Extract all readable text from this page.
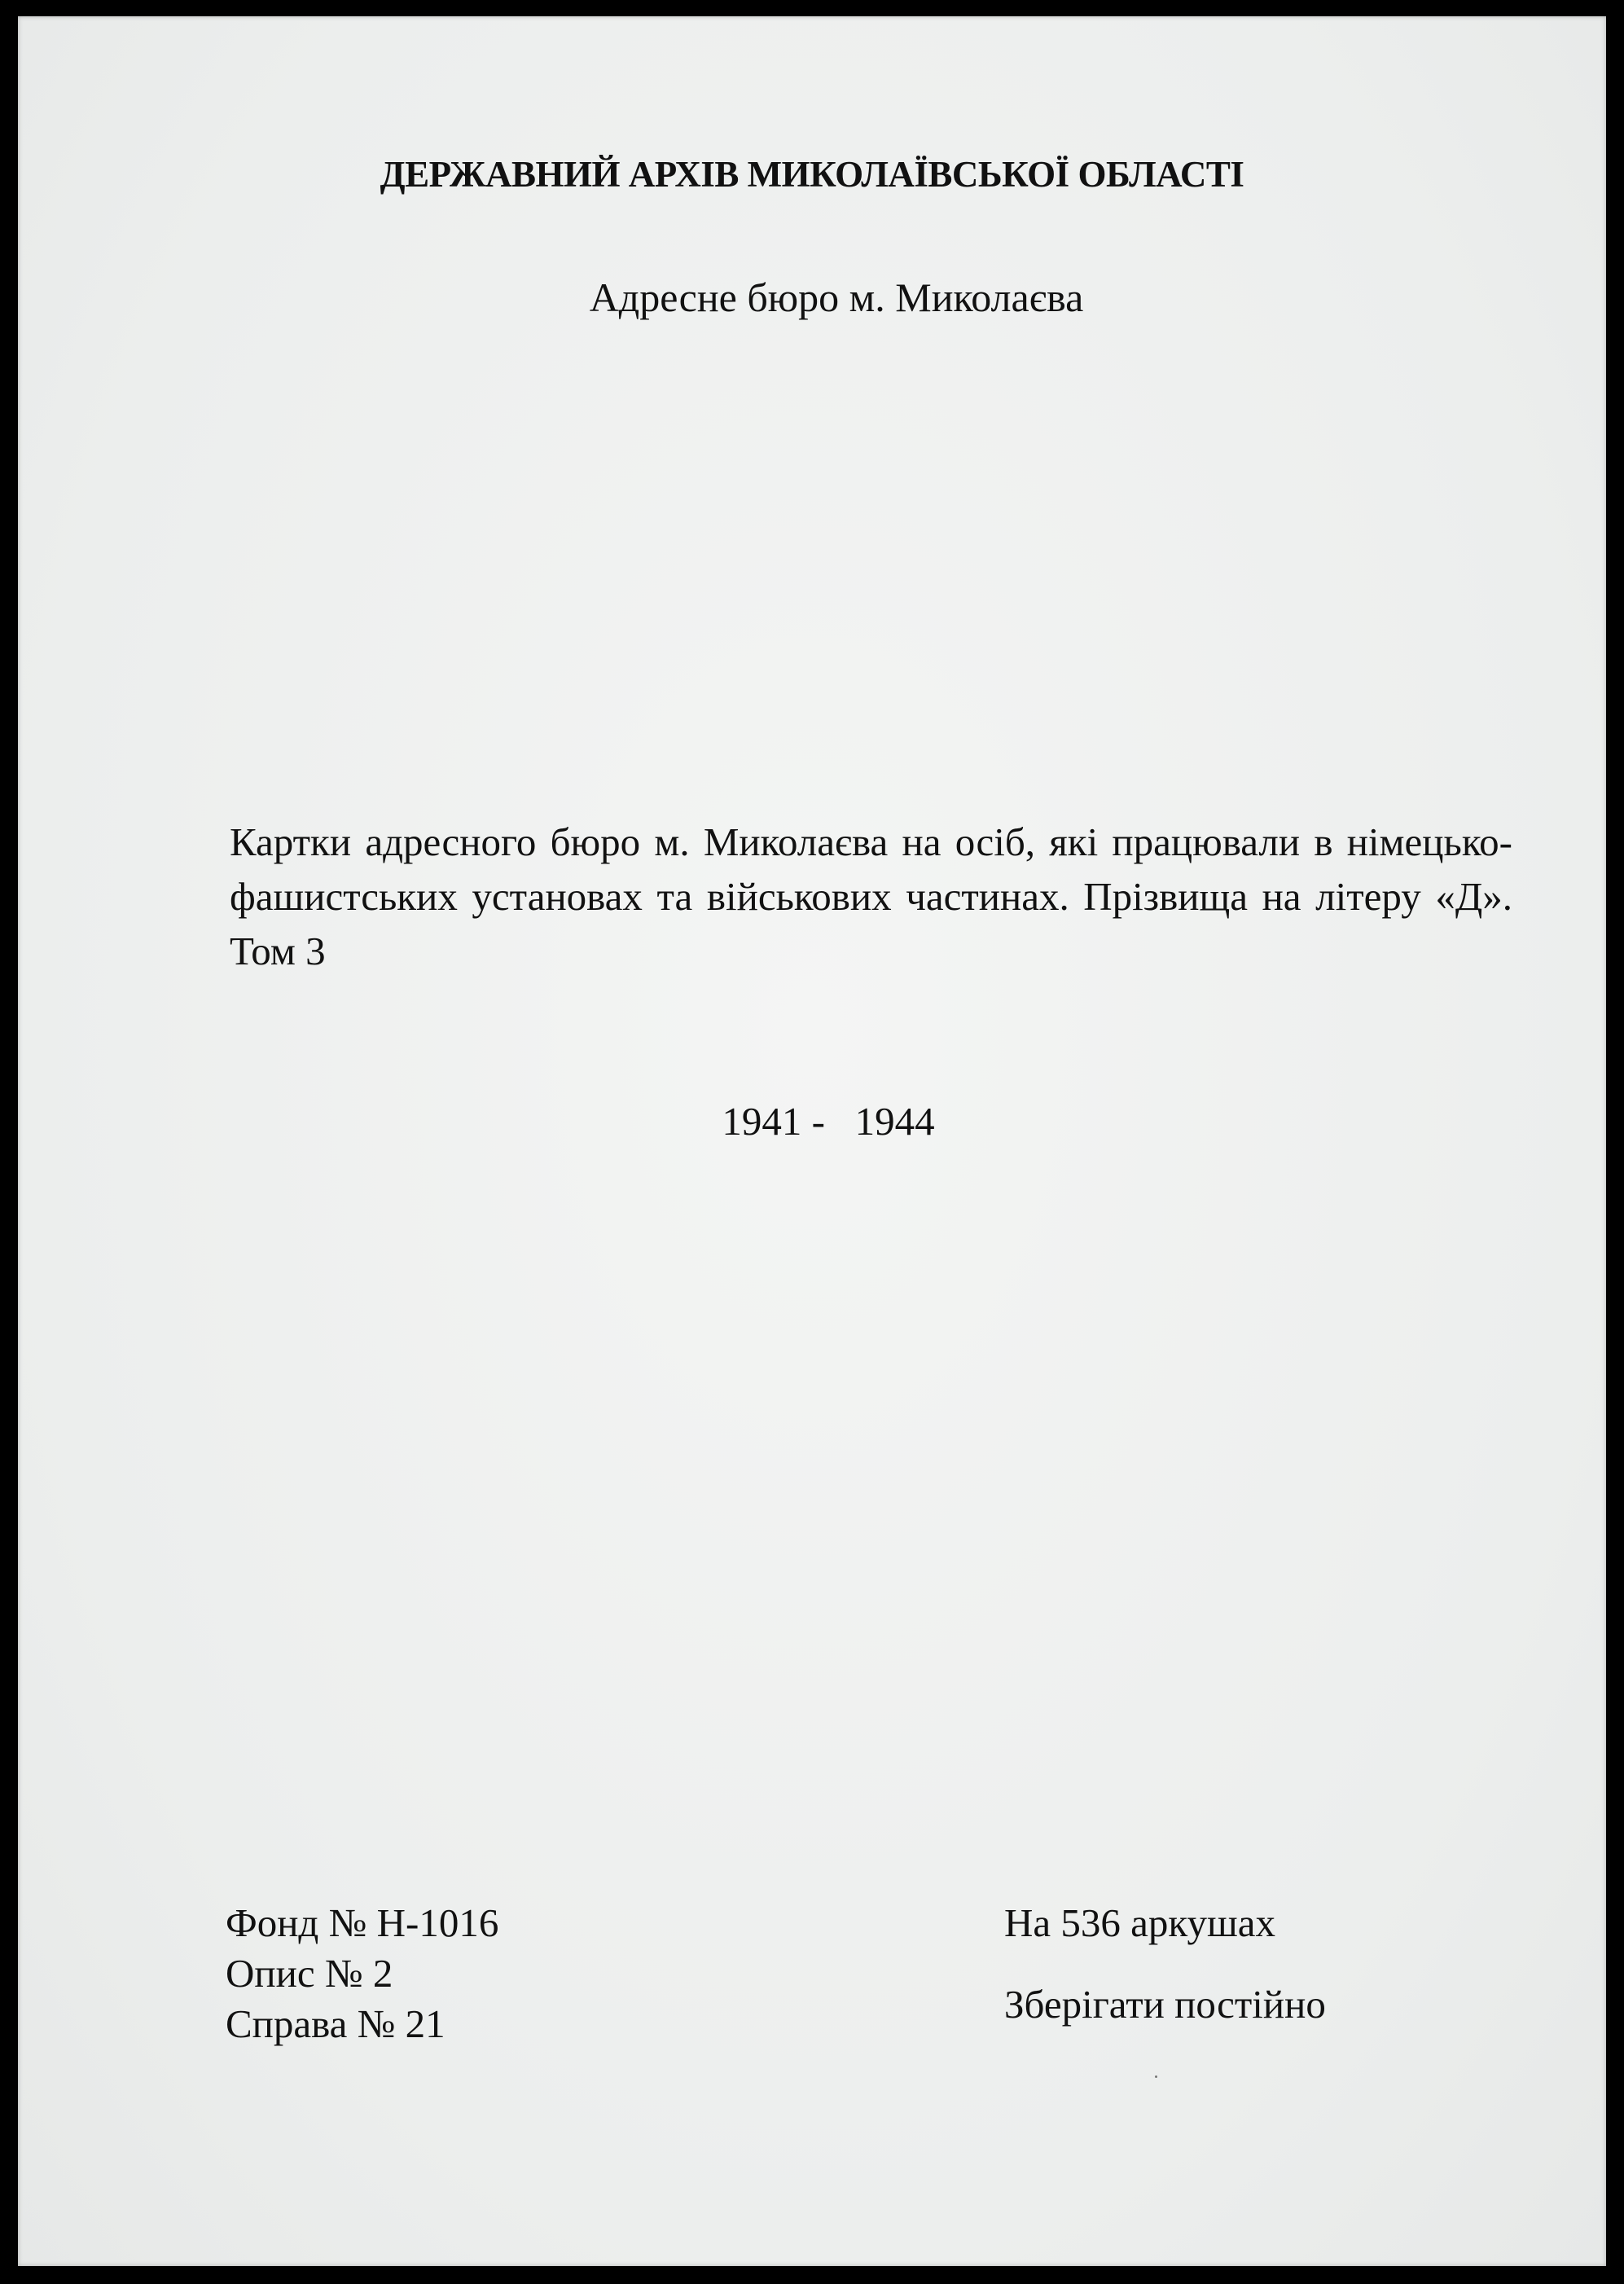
ДЕРЖАВНИЙ АРХІВ МИКОЛАЇВСЬКОЇ ОБЛАСТІ
Адресне бюро м. Миколаєва
Картки адресного бюро м. Миколаєва на осіб, які працювали в німецько-фашистських установах та військових частинах. Прізвища на літеру «Д». Том 3
1941 -   1944
Фонд № Н-1016
Опис № 2
Справа № 21
На 536 аркушах
Зберігати постійно
